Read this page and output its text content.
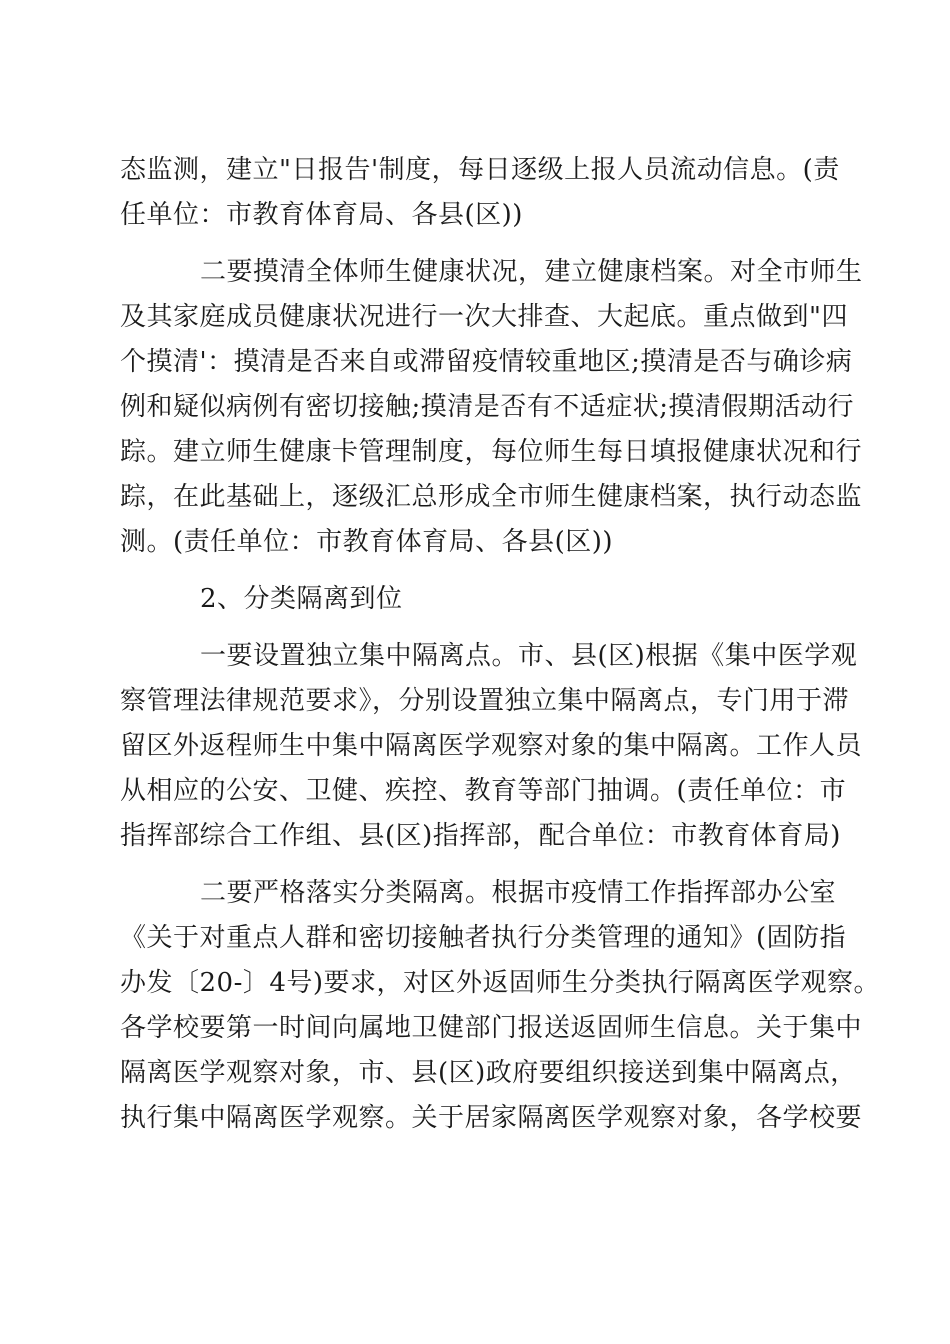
态监测，建立"日报告'制度，每日逐级上报人员流动信息。(责
任单位：市教育体育局、各县(区))
二要摸清全体师生健康状况，建立健康档案。对全市师生
及其家庭成员健康状况进行一次大排查、大起底。重点做到"四
个摸清'：摸清是否来自或滞留疫情较重地区;摸清是否与确诊病
例和疑似病例有密切接触;摸清是否有不适症状;摸清假期活动行
踪。建立师生健康卡管理制度，每位师生每日填报健康状况和行
踪，在此基础上，逐级汇总形成全市师生健康档案，执行动态监
测。(责任单位：市教育体育局、各县(区))
2、分类隔离到位
一要设置独立集中隔离点。市、县(区)根据《集中医学观
察管理法律规范要求》，分别设置独立集中隔离点，专门用于滞
留区外返程师生中集中隔离医学观察对象的集中隔离。工作人员
从相应的公安、卫健、疾控、教育等部门抽调。(责任单位：市
指挥部综合工作组、县(区)指挥部，配合单位：市教育体育局)
二要严格落实分类隔离。根据市疫情工作指挥部办公室
《关于对重点人群和密切接触者执行分类管理的通知》(固防指
办发〔20-〕4号)要求，对区外返固师生分类执行隔离医学观察。
各学校要第一时间向属地卫健部门报送返固师生信息。关于集中
隔离医学观察对象，市、县(区)政府要组织接送到集中隔离点，
执行集中隔离医学观察。关于居家隔离医学观察对象，各学校要
